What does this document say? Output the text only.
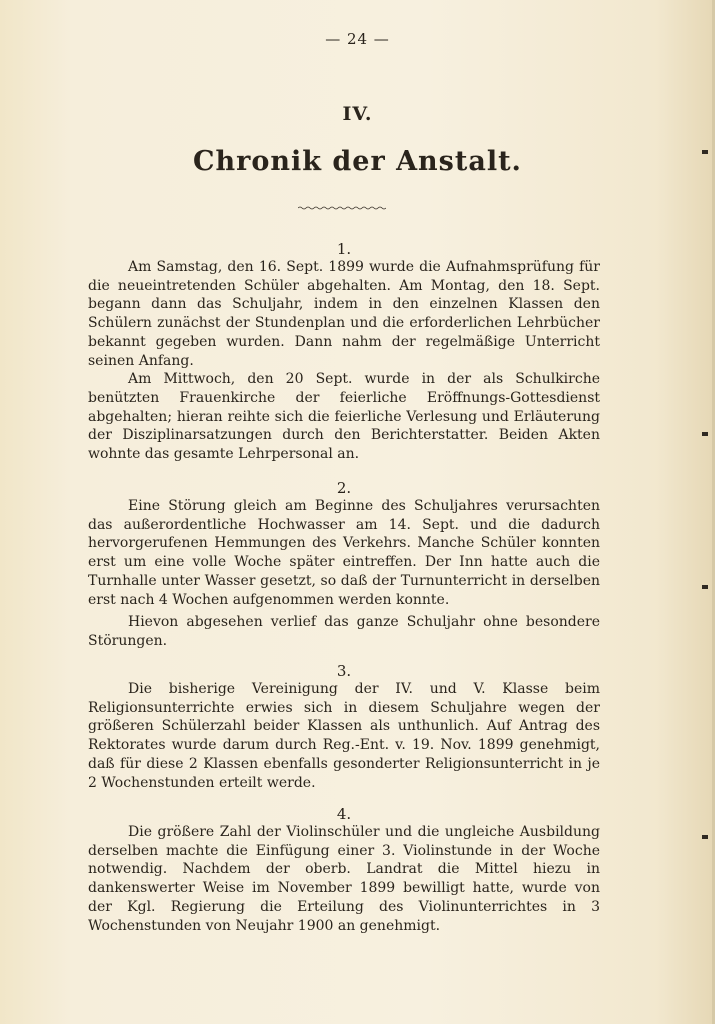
— 24 —
IV.
Chronik der Anstalt.

1.

Am Samstag, den 16. Sept. 1899 wurde die Aufnahmsprüfung für die neueintretenden Schüler abgehalten. Am Montag, den 18. Sept. begann dann das Schuljahr, indem in den einzelnen Klassen den Schülern zunächst der Stundenplan und die erforderlichen Lehrbücher bekannt gegeben wurden. Dann nahm der regelmäßige Unterricht seinen Anfang.

Am Mittwoch, den 20 Sept. wurde in der als Schulkirche benützten Frauenkirche der feierliche Eröffnungs-Gottesdienst abgehalten; hieran reihte sich die feierliche Verlesung und Erläuterung der Disziplinarsatzungen durch den Berichterstatter. Beiden Akten wohnte das gesamte Lehrpersonal an.

2.

Eine Störung gleich am Beginne des Schuljahres verursachten das außerordentliche Hochwasser am 14. Sept. und die dadurch hervorgerufenen Hemmungen des Verkehrs. Manche Schüler konnten erst um eine volle Woche später eintreffen. Der Inn hatte auch die Turnhalle unter Wasser gesetzt, so daß der Turnunterricht in derselben erst nach 4 Wochen aufgenommen werden konnte.

Hievon abgesehen verlief das ganze Schuljahr ohne besondere Störungen.

3.

Die bisherige Vereinigung der IV. und V. Klasse beim Religionsunterrichte erwies sich in diesem Schuljahre wegen der größeren Schülerzahl beider Klassen als unthunlich. Auf Antrag des Rektorates wurde darum durch Reg.-Ent. v. 19. Nov. 1899 genehmigt, daß für diese 2 Klassen ebenfalls gesonderter Religionsunterricht in je 2 Wochenstunden erteilt werde.

4.

Die größere Zahl der Violinschüler und die ungleiche Ausbildung derselben machte die Einfügung einer 3. Violinstunde in der Woche notwendig. Nachdem der oberb. Landrat die Mittel hiezu in dankenswerter Weise im November 1899 bewilligt hatte, wurde von der Kgl. Regierung die Erteilung des Violinunterrichtes in 3 Wochenstunden von Neujahr 1900 an genehmigt.
